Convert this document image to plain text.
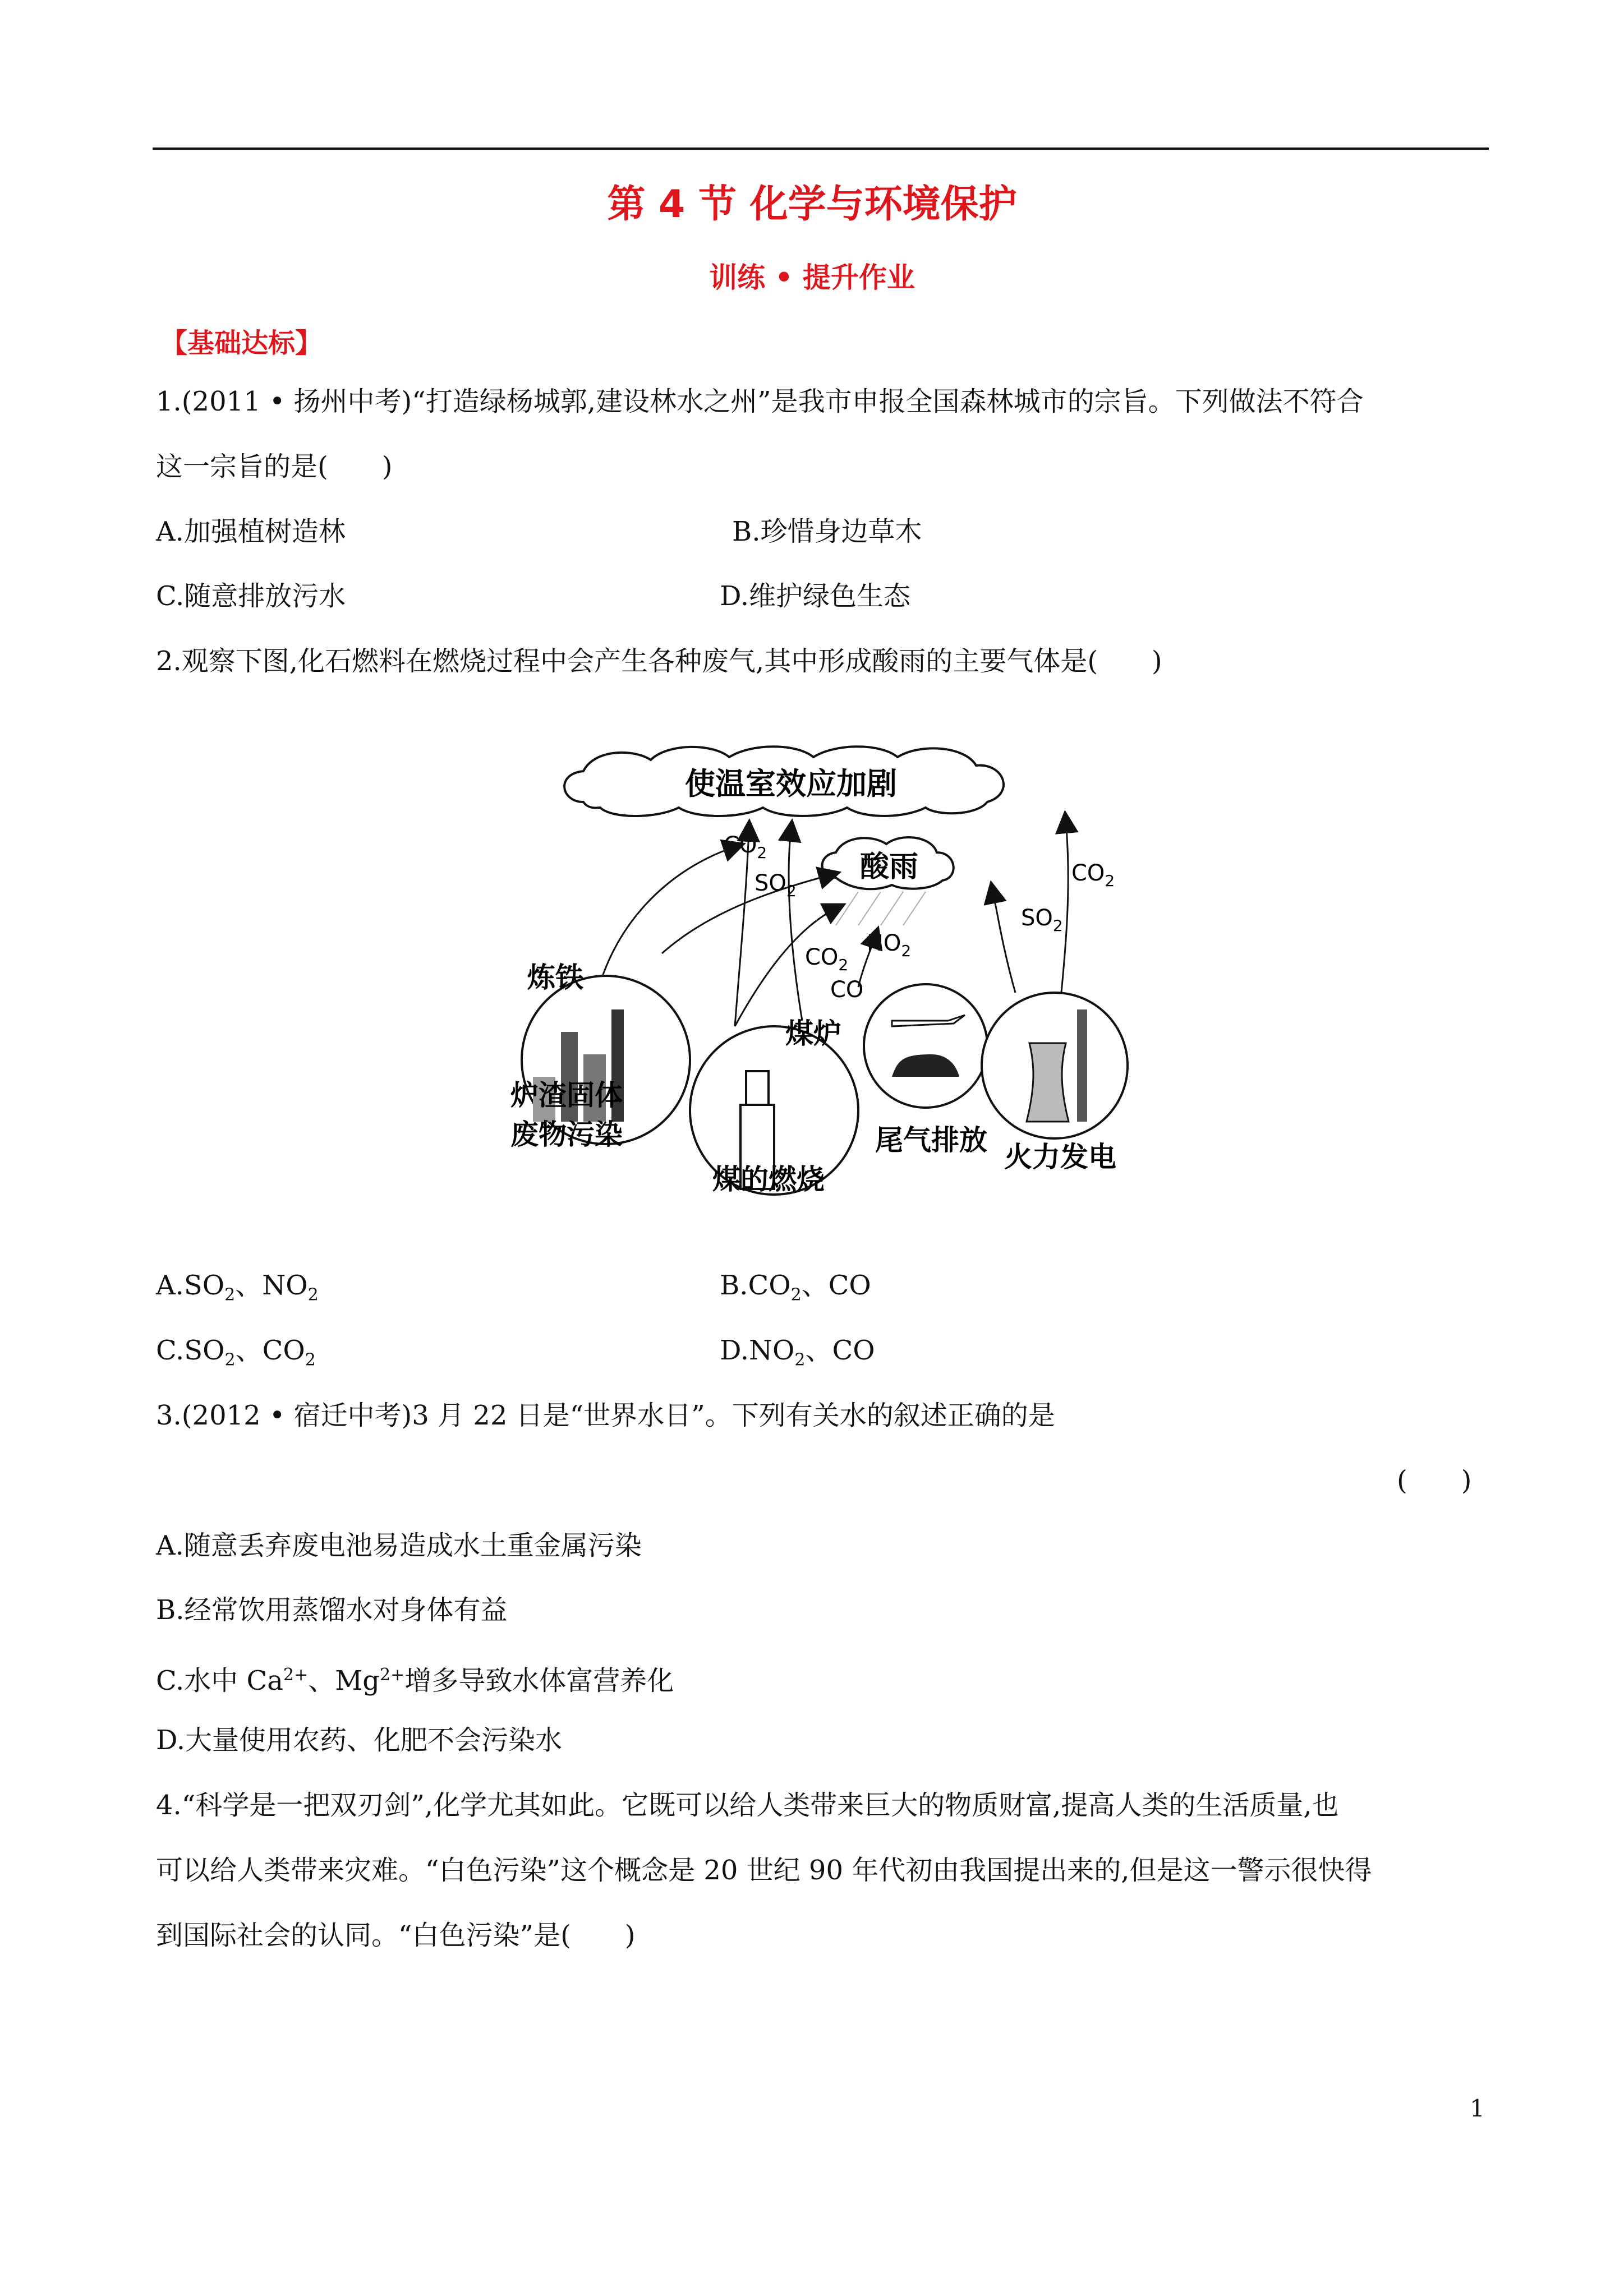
第 4 节 化学与环境保护
训练 • 提升作业
【基础达标】
1.(2011 • 扬州中考)“打造绿杨城郭,建设林水之州”是我市申报全国森林城市的宗旨。下列做法不符合
这一宗旨的是(　　)
A.加强植树造林	B.珍惜身边草木
C.随意排放污水	D.维护绿色生态
2.观察下图,化石燃料在燃烧过程中会产生各种废气,其中形成酸雨的主要气体是(　　)
使温室效应加剧
酸雨
$CO_2$
$SO_2$
$CO_2$
$NO_2$
CO
$SO_2$
$CO_2$
炼铁
煤炉
尾气排放
火力发电
炉渣固体
废物污染
煤的燃烧
$A.SO_2$、$NO_2$	$B.CO_2$、CO
$C.SO_2$、$CO_2$	$D.NO_2$、CO
3.(2012 • 宿迁中考)3 月 22 日是“世界水日”。下列有关水的叙述正确的是
(　　)
A.随意丢弃废电池易造成水土重金属污染
B.经常饮用蒸馏水对身体有益
C.水中 $Ca^{2+}$、$Mg^{2+}$增多导致水体富营养化
D.大量使用农药、化肥不会污染水
4.“科学是一把双刃剑”,化学尤其如此。它既可以给人类带来巨大的物质财富,提高人类的生活质量,也
可以给人类带来灾难。“白色污染”这个概念是 20 世纪 90 年代初由我国提出来的,但是这一警示很快得
到国际社会的认同。“白色污染”是(　　)
1
